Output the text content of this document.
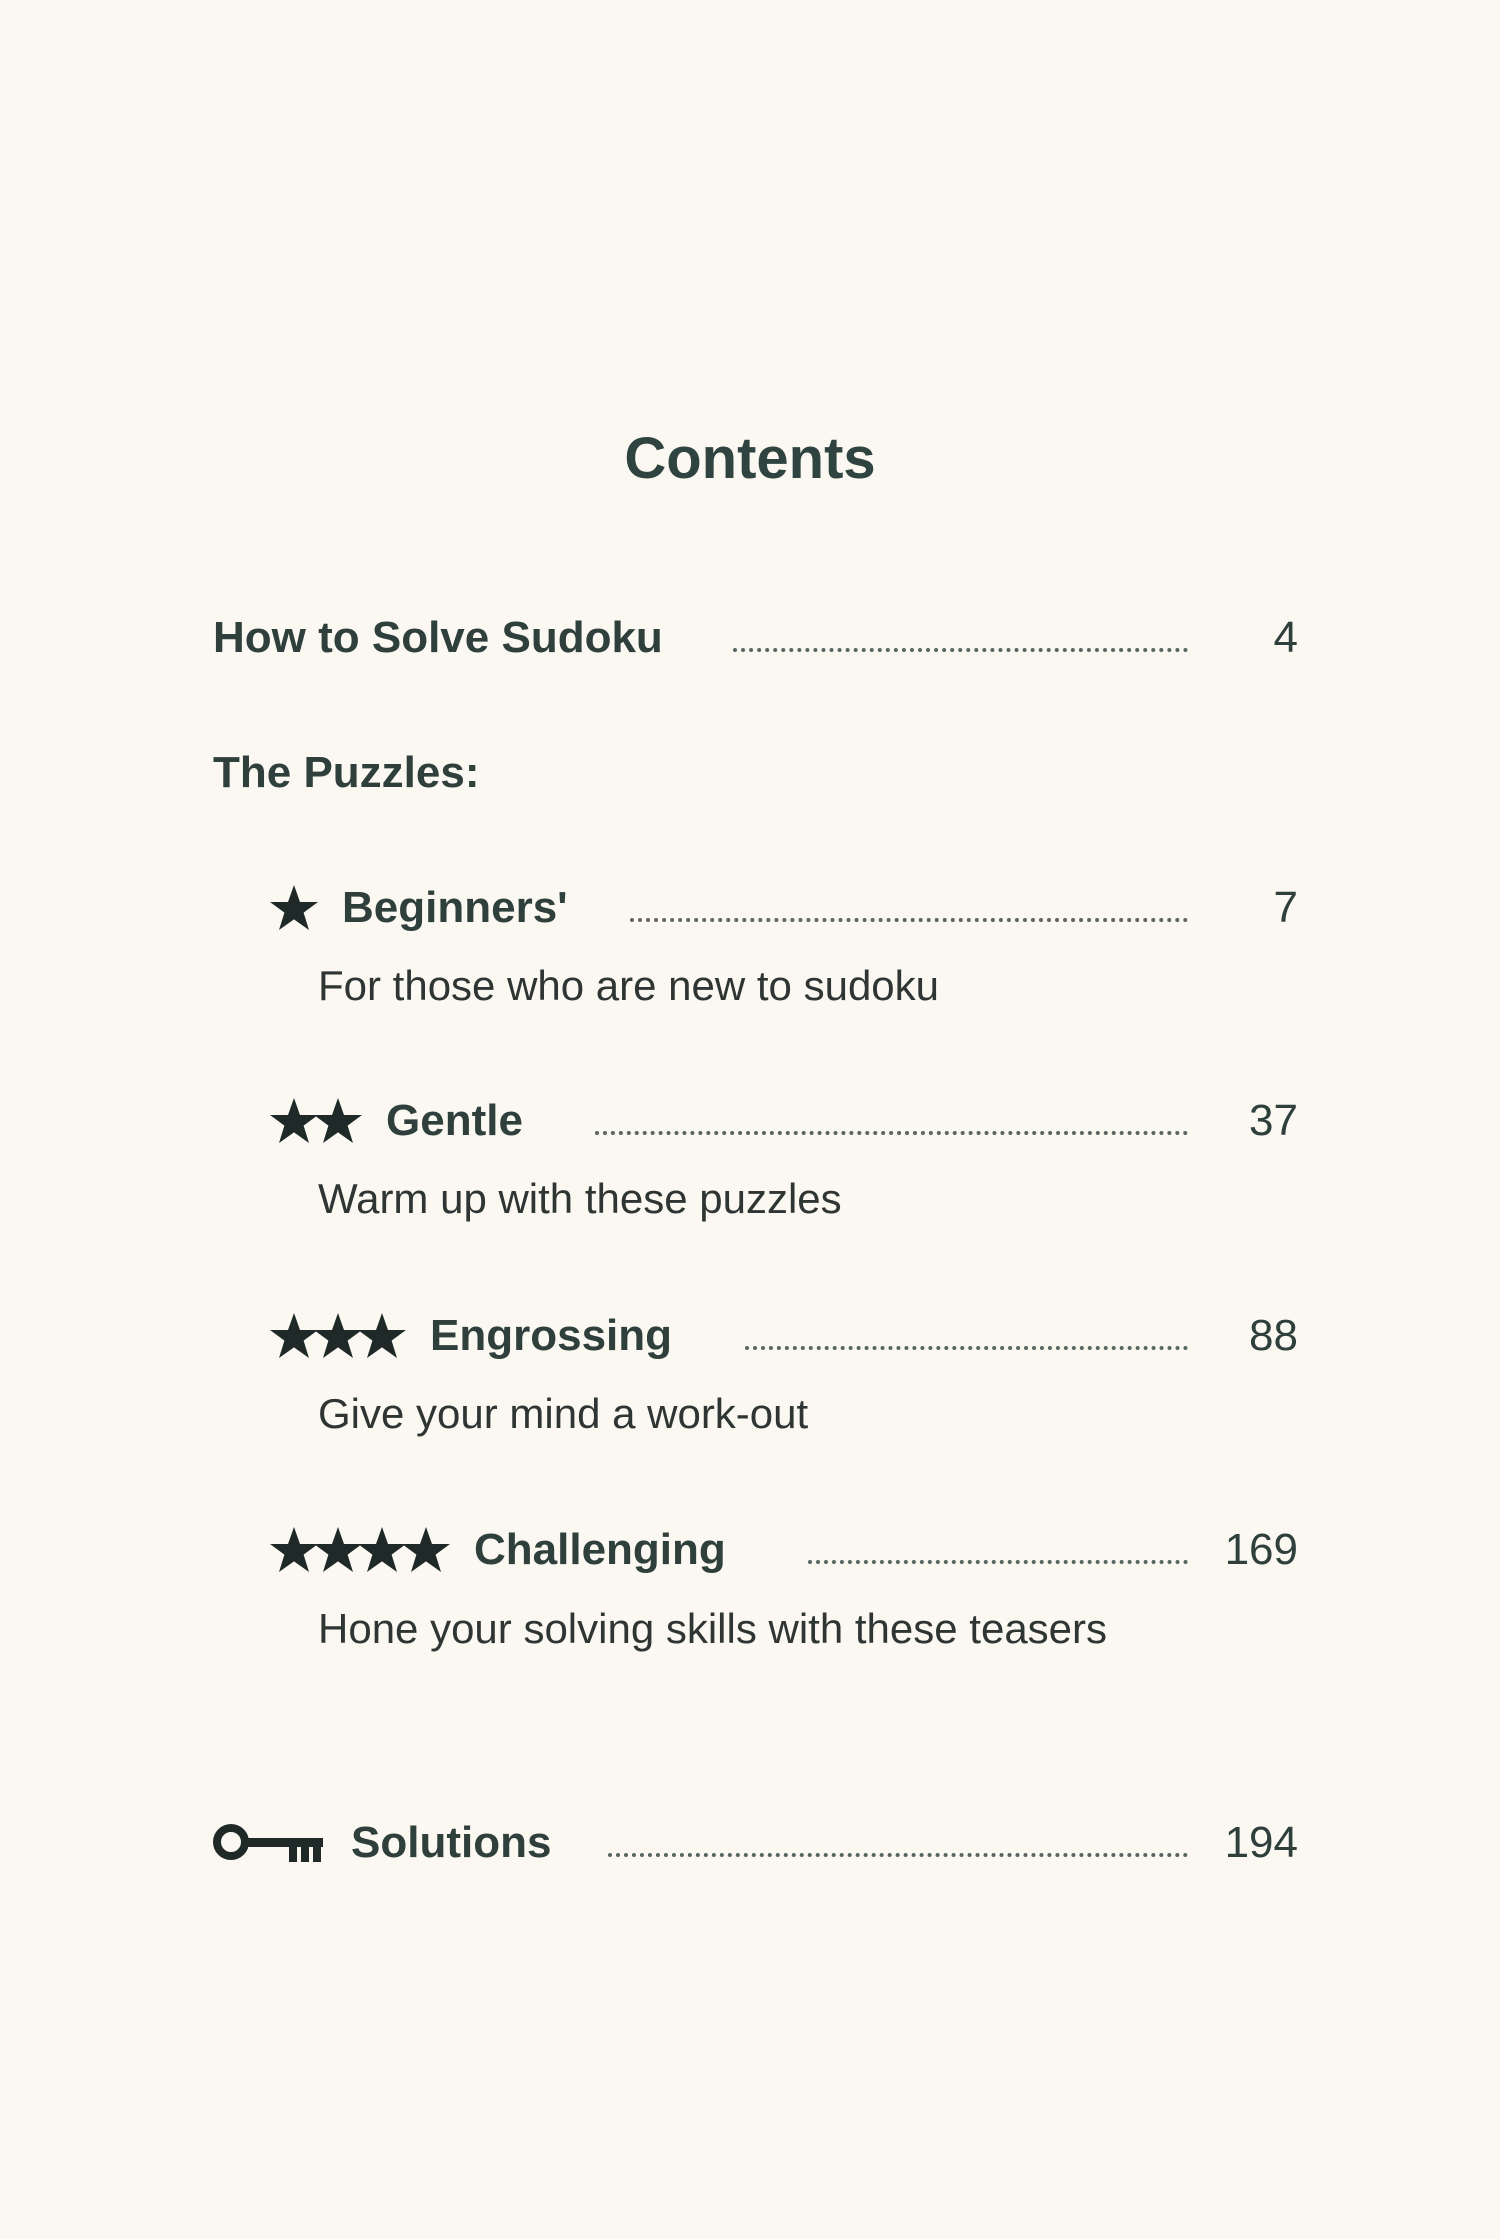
Contents
How to Solve Sudoku	4
The Puzzles:
Beginners'	7
For those who are new to sudoku
Gentle	37
Warm up with these puzzles
Engrossing	88
Give your mind a work-out
Challenging	169
Hone your solving skills with these teasers
Solutions	194
